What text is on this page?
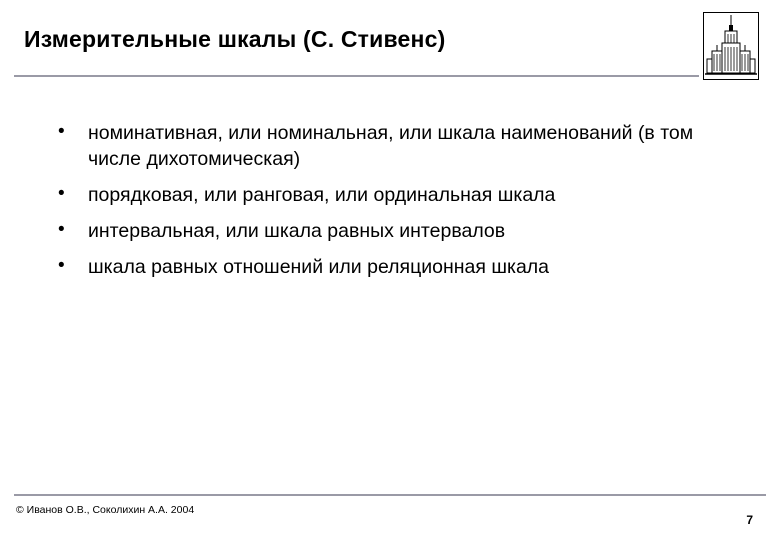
Измерительные шкалы (С. Стивенс)
• номинативная, или номинальная, или шкала наименований (в том числе дихотомическая)
• порядковая, или ранговая, или ординальная шкала
• интервальная, или шкала равных интервалов
• шкала равных отношений или реляционная шкала
© Иванов О.В., Соколихин А.А. 2004
7
